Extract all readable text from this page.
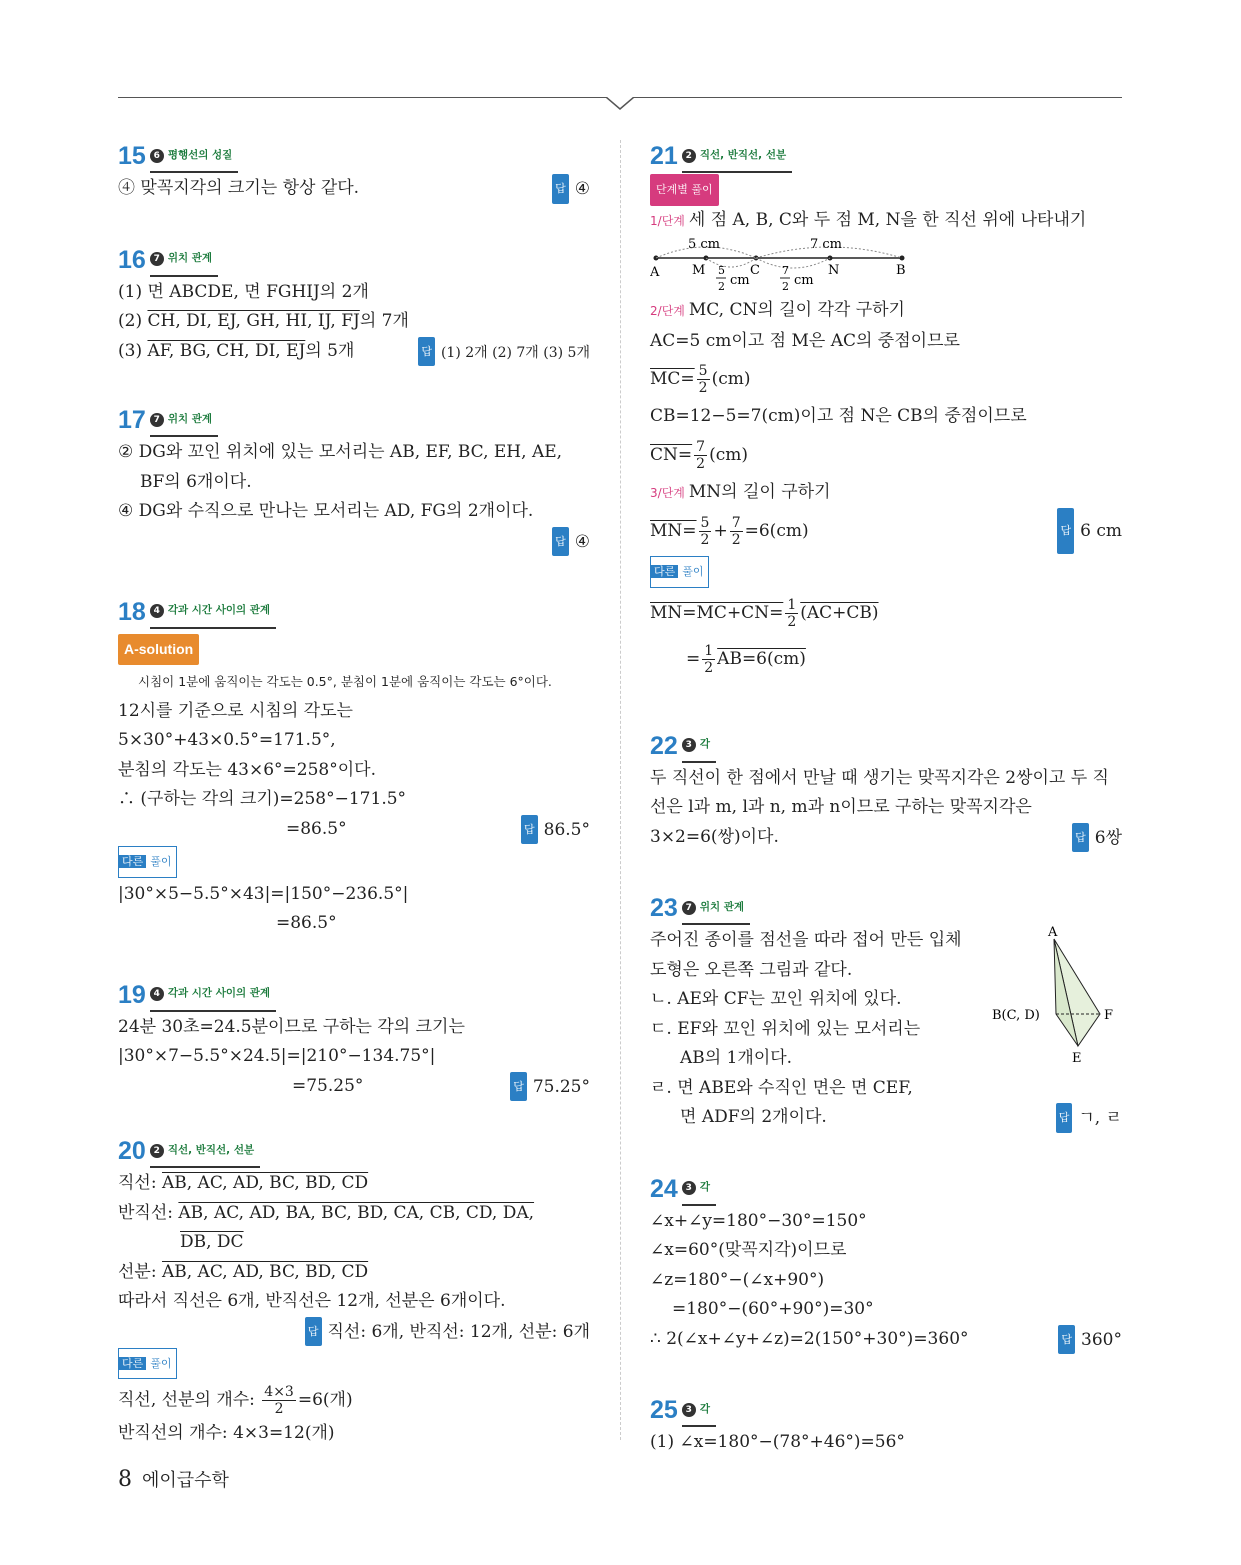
15 6 평행선의 성질
④ 맞꼭지각의 크기는 항상 같다.	답 ④
16 7 위치 관계
(1) 면 ABCDE, 면 FGHIJ의 2개
(2) CH, DI, EJ, GH, HI, IJ, FJ의 7개
(3) AF, BG, CH, DI, EJ의 5개	답 (1) 2개 (2) 7개 (3) 5개
17 7 위치 관계
② DG와 꼬인 위치에 있는 모서리는 AB, EF, BC, EH, AE,
BF의 6개이다.
④ DG와 수직으로 만나는 모서리는 AD, FG의 2개이다.
답 ④
18 4 각과 시간 사이의 관계
A-solution
시침이 1분에 움직이는 각도는 0.5°, 분침이 1분에 움직이는 각도는 6°이다.
12시를 기준으로 시침의 각도는
5×30°+43×0.5°=171.5°,
분침의 각도는 43×6°=258°이다.
∴ (구하는 각의 크기)=258°−171.5°
=86.5°	답 86.5°
다른 풀이
|30°×5−5.5°×43|=|150°−236.5°|
=86.5°
19 4 각과 시간 사이의 관계
24분 30초=24.5분이므로 구하는 각의 크기는
|30°×7−5.5°×24.5|=|210°−134.75°|
=75.25°	답 75.25°
20 2 직선, 반직선, 선분
직선: AB, AC, AD, BC, BD, CD
반직선: AB, AC, AD, BA, BC, BD, CA, CB, CD, DA,
DB, DC
선분: AB, AC, AD, BC, BD, CD
따라서 직선은 6개, 반직선은 12개, 선분은 6개이다.
답 직선: 6개, 반직선: 12개, 선분: 6개
다른 풀이
직선, 선분의 개수: $\frac{4\times 3}{2} =6$(개)
반직선의 개수: 4×3=12(개)
21 2 직선, 반직선, 선분
단계별 풀이
1/단계 세 점 A, B, C와 두 점 M, N을 한 직선 위에 나타내기
5 cm	7 cm
A	M	C	N	B
5
2 cm
7
2 cm
2/단계 MC, CN의 길이 각각 구하기
AC=5 cm이고 점 M은 AC의 중점이므로
$MC= \frac{5}{2} (cm)$
CB=12−5=7(cm)이고 점 N은 CB의 중점이므로
$CN= \frac{7}{2} (cm)$
3/단계 MN의 길이 구하기
$MN= \frac{5}{2} + \frac{7}{2} =6(cm)$	답 6 cm
다른 풀이
$MN=MC+CN= \frac{1}{2} (AC+CB)$
= $\frac{1}{2} AB=6(cm)$
22 3 각
두 직선이 한 점에서 만날 때 생기는 맞꼭지각은 2쌍이고 두 직
선은 l과 m, l과 n, m과 n이므로 구하는 맞꼭지각은
3×2=6(쌍)이다.	답 6쌍
23 7 위치 관계
A
B(C, D)	F
E
주어진 종이를 점선을 따라 접어 만든 입체
도형은 오른쪽 그림과 같다.
ㄴ. AE와 CF는 꼬인 위치에 있다.
ㄷ. EF와 꼬인 위치에 있는 모서리는
AB의 1개이다.
ㄹ. 면 ABE와 수직인 면은 면 CEF,
면 ADF의 2개이다.	답 ㄱ, ㄹ
24 3 각
∠x+∠y=180°−30°=150°
∠x=60°(맞꼭지각)이므로
∠z=180°−(∠x+90°)
=180°−(60°+90°)=30°
∴ 2(∠x+∠y+∠z)=2(150°+30°)=360°	답 360°
25 3 각
(1) ∠x=180°−(78°+46°)=56°
8 에이급수학
